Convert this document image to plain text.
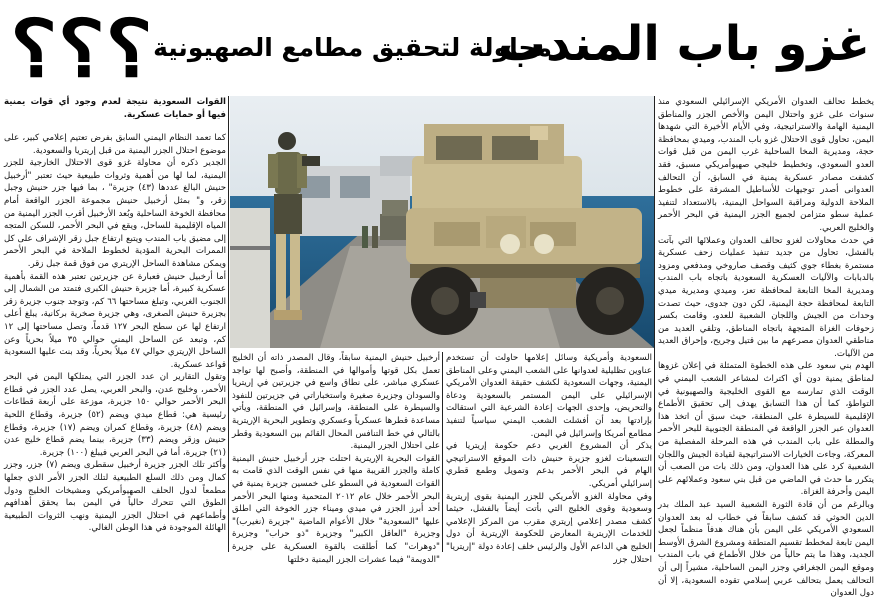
؟؟؟	غزو باب المندب
محاولة لتحقيق مطامع الصهيونية

يخطط تحالف العدوان الأمريكي الإسرائيلي السعودي منذ سنوات على غزو واحتلال اليمن والأخص الجزر والمناطق اليمنية الهامة والاستراتيجية، وفي الأيام الأخيرة التي شهدها اليمن، تحاول قوى الاحتلال غزو باب المندب، وميدي بمحافظة حجة، ومديرية المخا الساحلية غرب اليمن من قبل قوات العدو السعودي، وتخطيط خليجي صهيوأمريكي مسبق، فقد كشفت مصادر عسكرية يمنية في السابق، أن التحالف العدوانى أصدر توجيهات للأساطيل المشرفة على خطوط الملاحة الدولية ومراقبة السواحل اليمنية، بالاستعداد لتنفيذ عملية سطو متزامن لجميع الجزر اليمنية في البحر الأحمر والخليج العربي.

في حدث محاولات لغزو تحالف العدوان وعملائها التي بآتت بالفشل، تحاول من جديد تنفيذ عمليات زحف عسكرية مستمرة بغطاء جوي كثيف وقصف صاروخي ومدفعي ومزود بالدبابات والآليات العسكرية السعودية باتجاه باب المندب ومديرية المخا التابعة لمحافظة تعز، وميدي ومديرية ميدي التابعة لمحافظة حجة اليمنية، لكن دون جدوى، حيث تصدت وحدات من الجيش واللجان الشعبية للعدو، وقامت بكسر زحوفات الغزاة المتجهة باتجاه المناطق، وتلقي العديد من مناطقي العدوان مصرعهم ما بين قتيل وجريح، وإحراق العديد من الآليات.

الهدم بني سعود على هذه الخطوة المتمثلة في إعلان غزوها لمناطق يمنية دون أي اكتراث لمشاعر الشعب اليمني في الوقت الذي تمارسه مع القوى الخليجية والصهيونية في التواطؤ، كما أن هذا التسابق يهدف إلى تحقيق الأطماع الإقليمية للسيطرة على المنطقة، حيث سبق أن اتخذ هذا العدوان عبر الجزر الواقعة في المنطقة الجنوبية للبحر الأحمر والمطلة على باب المندب في هذه المرحلة المفصلية من المعركة، وجاءت الخيارات الاستراتيجية لقيادة الجيش واللجان الشعبية كرد على هذا العدوان، ومن ذلك بات من الصعب أن يتكرر ما حدث في الماضي من قبل بني سعود وعملائهم على اليمن وأحرفة الغزاة.

وبالرغم من أن قادة الثورة الشعبية السيد عبد الملك بدر الدين الحوثي قد كشف سابقاً في خطاب له بعد العدوان السعودي الأمريكي على اليمن بأن هناك هدفاً منظماً لجعل اليمن تابعة لمخطط تقسيم المنطقة ومشروع الشرق الأوسط الجديد، وهذا ما يتم حالياً من خلال الأطماع في باب المندب وموقع اليمن الجغرافي وجزر اليمن الساحلية، مشيراً إلى أن التحالف يعمل بتحالف عربي إسلامي تقوده السعودية، إلا أن دول العدوان

القوات السعودية نتيجة لعدم وجود أي قوات يمنية فيها أو حمايات عسكرية.

كما تعمد النظام اليمني السابق بفرض تعتيم إعلامي كبير، على موضوع احتلال الجزر اليمنية من قبل إريتريا والسعودية.

الجدير ذكره أن محاولة غزو قوى الاحتلال الخارجية للجزر اليمنية، لما لها من أهمية وثروات طبيعية حيث تعتبر "أرخبيل حنيش البالغ عددها (٤٣) جزيرة" ، بما فيها جزر حنيش وجبل زقر، و" بمثل أرخبيل حنيش مجموعة الجزر الواقعة أمام محافظة الخوخة الساحلية وبُعد الأرخبيل أقرب الجزر اليمنية من المياه الإقليمية للساحل، ويقع في البحر الأحمر، للسكن المتجه إلى مضيق باب المندب ويتبع ارتفاع جبل زقر الإشراف على كل الممرات البحرية المؤدية لخطوط الملاحة في البحر الأحمر ويمكن مشاهدة الساحل الإريتري من فوق قمة جبل زقر.

أما أرخبيل حنيش فعبارة عن جزيرتين تعتبر هذه القمة بأهمية عسكرية كبيرة، أما جزيرة حنيش الكبرى فتمتد من الشمال إلى الجنوب الغربي، وتبلغ مساحتها ٦٦ كم، وتوجد جنوب جزيرة زقر بجزيرة حنيش الصغرى، وهي جزيرة صخرية بركانية، يبلغ أعلى ارتفاع لها عن سطح البحر ١٢٧ قدماً، وتصل مساحتها إلى ١٢ كم، وتبعد عن الساحل اليمني حوالي ٣٥ ميلاً بحرياً وعن الساحل الإريتري حوالي ٤٧ ميلاً بحرياً، وقد بنت عليها السعودية قواعد عسكرية.

وتقول التقارير ان عدد الجزر التي يمتلكها اليمن في البحر الأحمر، وخليج عدن، والبحر العربي، يصل عدد الجزر في قطاع البحر الأحمر حوالي ١٥٠ جزيرة، موزعة على أربعة قطاعات رئيسية هي: قطاع ميدي ويضم (٥٢) جزيرة، وقطاع اللحية ويضم (٤٨) جزيرة، وقطاع كمران ويضم (١٧) جزيرة، وقطاع حنيش وزقر ويضم (٣٣) جزيرة، بينما يضم قطاع خليج عدن (٢١) جزيرة، أما في البحر العربي فيبلغ (١٠٠) جزيرة.

وأكثر تلك الجزر جزيرة أرخبيل سقطرى ويضم (٧) جزر، وجزر كمال ومن ذلك السلع الطبيعية لتلك الجزر الأمر الذي جعلها مطمعاً لدول الحلف الصهيوأمريكي ومشيخات الخليج ودول الطوق التي تتحرك حالياً في اليمن بما يحقق أهدافهم وأطماعهم في احتلال الجزر اليمنية ونهب الثروات الطبيعية الهائلة الموجودة في هذا الوطن الغالي.

السعودية وأمريكية وسائل إعلامها حاولت أن تستخدم عناوين تظليلية لعدوانها على الشعب اليمني وعلى المناطق اليمنية، وجهات السعودية لكشف حقيقة العدوان الأمريكي الإسرائيلي على اليمن المستمر بالسعودية ودعاة والتحريض، وإحدى الجهات إعادة الشرعية التي استقالت بإرادتها بعد أن أفشلت الشعب اليمني سياسياً لتنفيذ مطامع أمريكا وإسرائيل في اليمن.

يذكر أن المشروع الغربي دعم حكومة إريتريا في التسعينات لغزو جزيرة حنيش ذات الموقع الاستراتيجي الهام في البحر الأحمر بدعم وتمويل وطمع قطري إسرائيلي أمريكي.

وفي محاولة الغزو الأمريكي للجزر اليمنية بقوى إريترية وسعودية وقوى الخليج التي بأتت أيضاً بالفشل، حيثما كشف مصدر إعلامي إريتري مقرب من المركز الإعلامي للخدمات الإريترية المعارض للحكومة الإريترية أن دول الخليج هي الداعم الأول والرئيس خلف إعادة دولة "إريتريا" احتلال جزر

أرخبيل حنيش اليمنية سابقاً، وقال المصدر ذاته أن الخليج تعمل بكل قوتها وأموالها في المنطقة، وأصبح لها تواجد عسكري مباشر، على نطاق واسع في جزيرتين في إريتريا والسودان وجزيرة صغيرة واستخباراتي في جزيرتين للنفوذ والسيطرة على المنطقة، وإسرائيل في المنطقة، ويأتي مساعدة قطرها عسكرياً وعسكري وتطوير البحرية الإريترية بالتالي في خط التنافس المحال القائم بين السعودية وقطر على احتلال الجزر اليمنية.

القوات البحرية الإريترية احتلت جزر أرخبيل حنيش اليمنية كاملة والجزر القريبة منها في نفس الوقت الذي قامت به القوات السعودية في السطو على خمسين جزيرة يمنية في البحر الأحمر خلال عام ٢٠١٢ المتحمية ومنها البحر الأحمر أحد أبرز الجزر في ميدي وميناء جزر الخوخة التي اطلق عليها "السعودية" خلال الأعوام الماضية "جزيرة (نغيرب)" وجزيرة "العاقل الكبير" وجزيرة "ذو حراب" وجزيرة "دوهرات" كما أطلقت بالقوة العسكرية على جزيرة "الدويمة" فيما عشرات الجزر اليمنية دخلتها
